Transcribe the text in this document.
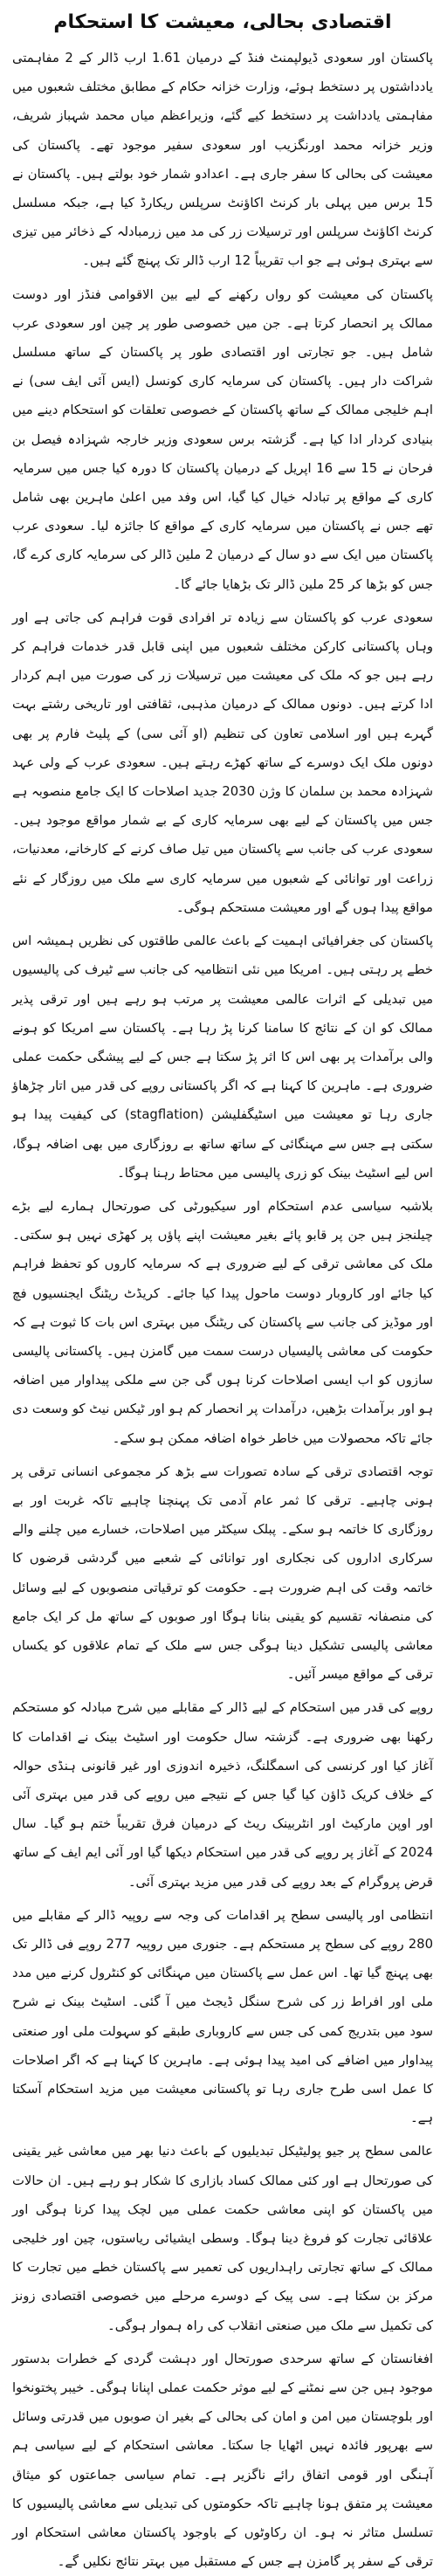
اقتصادی بحالی، معیشت کا استحکام

پاکستان اور سعودی ڈیولپمنٹ فنڈ کے درمیان 1.61 ارب ڈالر کے 2 مفاہمتی یادداشتوں پر دستخط ہوئے، وزارت خزانہ حکام کے مطابق مختلف شعبوں میں مفاہمتی یادداشت پر دستخط کیے گئے، وزیراعظم میاں محمد شہباز شریف، وزیر خزانہ محمد اورنگزیب اور سعودی سفیر موجود تھے۔ پاکستان کی معیشت کی بحالی کا سفر جاری ہے۔ اعدادو شمار خود بولتے ہیں۔ پاکستان نے 15 برس میں پہلی بار کرنٹ اکاؤنٹ سرپلس ریکارڈ کیا ہے، جبکہ مسلسل کرنٹ اکاؤنٹ سرپلس اور ترسیلات زر کی مد میں زرمبادلہ کے ذخائر میں تیزی سے بہتری ہوئی ہے جو اب تقریباً 12 ارب ڈالر تک پہنچ گئے ہیں۔

پاکستان کی معیشت کو رواں رکھنے کے لیے بین الاقوامی فنڈز اور دوست ممالک پر انحصار کرتا ہے۔ جن میں خصوصی طور پر چین اور سعودی عرب شامل ہیں۔ جو تجارتی اور اقتصادی طور پر پاکستان کے ساتھ مسلسل شراکت دار ہیں۔ پاکستان کی سرمایہ کاری کونسل (ایس آئی ایف سی) نے اہم خلیجی ممالک کے ساتھ پاکستان کے خصوصی تعلقات کو استحکام دینے میں بنیادی کردار ادا کیا ہے۔ گزشتہ برس سعودی وزیر خارجہ شہزادہ فیصل بن فرحان نے 15 سے 16 اپریل کے درمیان پاکستان کا دورہ کیا جس میں سرمایہ کاری کے مواقع پر تبادلہ خیال کیا گیا، اس وفد میں اعلیٰ ماہرین بھی شامل تھے جس نے پاکستان میں سرمایہ کاری کے مواقع کا جائزہ لیا۔ سعودی عرب پاکستان میں ایک سے دو سال کے درمیان 2 ملین ڈالر کی سرمایہ کاری کرے گا، جس کو بڑھا کر 25 ملین ڈالر تک بڑھایا جائے گا۔

سعودی عرب کو پاکستان سے زیادہ تر افرادی قوت فراہم کی جاتی ہے اور وہاں پاکستانی کارکن مختلف شعبوں میں اپنی قابل قدر خدمات فراہم کر رہے ہیں جو کہ ملک کی معیشت میں ترسیلات زر کی صورت میں اہم کردار ادا کرتے ہیں۔ دونوں ممالک کے درمیان مذہبی، ثقافتی اور تاریخی رشتے بہت گہرے ہیں اور اسلامی تعاون کی تنظیم (او آئی سی) کے پلیٹ فارم پر بھی دونوں ملک ایک دوسرے کے ساتھ کھڑے رہتے ہیں۔ سعودی عرب کے ولی عہد شہزادہ محمد بن سلمان کا وژن 2030 جدید اصلاحات کا ایک جامع منصوبہ ہے جس میں پاکستان کے لیے بھی سرمایہ کاری کے بے شمار مواقع موجود ہیں۔ سعودی عرب کی جانب سے پاکستان میں تیل صاف کرنے کے کارخانے، معدنیات، زراعت اور توانائی کے شعبوں میں سرمایہ کاری سے ملک میں روزگار کے نئے مواقع پیدا ہوں گے اور معیشت مستحکم ہوگی۔

پاکستان کی جغرافیائی اہمیت کے باعث عالمی طاقتوں کی نظریں ہمیشہ اس خطے پر رہتی ہیں۔ امریکا میں نئی انتظامیہ کی جانب سے ٹیرف کی پالیسیوں میں تبدیلی کے اثرات عالمی معیشت پر مرتب ہو رہے ہیں اور ترقی پذیر ممالک کو ان کے نتائج کا سامنا کرنا پڑ رہا ہے۔ پاکستان سے امریکا کو ہونے والی برآمدات پر بھی اس کا اثر پڑ سکتا ہے جس کے لیے پیشگی حکمت عملی ضروری ہے۔ ماہرین کا کہنا ہے کہ اگر پاکستانی روپے کی قدر میں اتار چڑھاؤ جاری رہا تو معیشت میں اسٹیگفلیشن (stagflation) کی کیفیت پیدا ہو سکتی ہے جس سے مہنگائی کے ساتھ ساتھ بے روزگاری میں بھی اضافہ ہوگا، اس لیے اسٹیٹ بینک کو زری پالیسی میں محتاط رہنا ہوگا۔

بلاشبہ سیاسی عدم استحکام اور سیکیورٹی کی صورتحال ہمارے لیے بڑے چیلنجز ہیں جن پر قابو پائے بغیر معیشت اپنے پاؤں پر کھڑی نہیں ہو سکتی۔ ملک کی معاشی ترقی کے لیے ضروری ہے کہ سرمایہ کاروں کو تحفظ فراہم کیا جائے اور کاروبار دوست ماحول پیدا کیا جائے۔ کریڈٹ ریٹنگ ایجنسیوں فچ اور موڈیز کی جانب سے پاکستان کی ریٹنگ میں بہتری اس بات کا ثبوت ہے کہ حکومت کی معاشی پالیسیاں درست سمت میں گامزن ہیں۔ پاکستانی پالیسی سازوں کو اب ایسی اصلاحات کرنا ہوں گی جن سے ملکی پیداوار میں اضافہ ہو اور برآمدات بڑھیں، درآمدات پر انحصار کم ہو اور ٹیکس نیٹ کو وسعت دی جائے تاکہ محصولات میں خاطر خواہ اضافہ ممکن ہو سکے۔

توجہ اقتصادی ترقی کے سادہ تصورات سے بڑھ کر مجموعی انسانی ترقی پر ہونی چاہیے۔ ترقی کا ثمر عام آدمی تک پہنچنا چاہیے تاکہ غربت اور بے روزگاری کا خاتمہ ہو سکے۔ پبلک سیکٹر میں اصلاحات، خسارے میں چلنے والے سرکاری اداروں کی نجکاری اور توانائی کے شعبے میں گردشی قرضوں کا خاتمہ وقت کی اہم ضرورت ہے۔ حکومت کو ترقیاتی منصوبوں کے لیے وسائل کی منصفانہ تقسیم کو یقینی بنانا ہوگا اور صوبوں کے ساتھ مل کر ایک جامع معاشی پالیسی تشکیل دینا ہوگی جس سے ملک کے تمام علاقوں کو یکساں ترقی کے مواقع میسر آئیں۔

روپے کی قدر میں استحکام کے لیے ڈالر کے مقابلے میں شرح مبادلہ کو مستحکم رکھنا بھی ضروری ہے۔ گزشتہ سال حکومت اور اسٹیٹ بینک نے اقدامات کا آغاز کیا اور کرنسی کی اسمگلنگ، ذخیرہ اندوزی اور غیر قانونی ہنڈی حوالہ کے خلاف کریک ڈاؤن کیا گیا جس کے نتیجے میں روپے کی قدر میں بہتری آئی اور اوپن مارکیٹ اور انٹربینک ریٹ کے درمیان فرق تقریباً ختم ہو گیا۔ سال 2024 کے آغاز پر روپے کی قدر میں استحکام دیکھا گیا اور آئی ایم ایف کے ساتھ قرض پروگرام کے بعد روپے کی قدر میں مزید بہتری آئی۔

انتظامی اور پالیسی سطح پر اقدامات کی وجہ سے روپیہ ڈالر کے مقابلے میں 280 روپے کی سطح پر مستحکم ہے۔ جنوری میں روپیہ 277 روپے فی ڈالر تک بھی پہنچ گیا تھا۔ اس عمل سے پاکستان میں مہنگائی کو کنٹرول کرنے میں مدد ملی اور افراط زر کی شرح سنگل ڈیجٹ میں آ گئی۔ اسٹیٹ بینک نے شرح سود میں بتدریج کمی کی جس سے کاروباری طبقے کو سہولت ملی اور صنعتی پیداوار میں اضافے کی امید پیدا ہوئی ہے۔ ماہرین کا کہنا ہے کہ اگر اصلاحات کا عمل اسی طرح جاری رہا تو پاکستانی معیشت میں مزید استحکام آسکتا ہے۔

عالمی سطح پر جیو پولیٹیکل تبدیلیوں کے باعث دنیا بھر میں معاشی غیر یقینی کی صورتحال ہے اور کئی ممالک کساد بازاری کا شکار ہو رہے ہیں۔ ان حالات میں پاکستان کو اپنی معاشی حکمت عملی میں لچک پیدا کرنا ہوگی اور علاقائی تجارت کو فروغ دینا ہوگا۔ وسطی ایشیائی ریاستوں، چین اور خلیجی ممالک کے ساتھ تجارتی راہداریوں کی تعمیر سے پاکستان خطے میں تجارت کا مرکز بن سکتا ہے۔ سی پیک کے دوسرے مرحلے میں خصوصی اقتصادی زونز کی تکمیل سے ملک میں صنعتی انقلاب کی راہ ہموار ہوگی۔

افغانستان کے ساتھ سرحدی صورتحال اور دہشت گردی کے خطرات بدستور موجود ہیں جن سے نمٹنے کے لیے موثر حکمت عملی اپنانا ہوگی۔ خیبر پختونخوا اور بلوچستان میں امن و امان کی بحالی کے بغیر ان صوبوں میں قدرتی وسائل سے بھرپور فائدہ نہیں اٹھایا جا سکتا۔ معاشی استحکام کے لیے سیاسی ہم آہنگی اور قومی اتفاق رائے ناگزیر ہے۔ تمام سیاسی جماعتوں کو میثاق معیشت پر متفق ہونا چاہیے تاکہ حکومتوں کی تبدیلی سے معاشی پالیسیوں کا تسلسل متاثر نہ ہو۔ ان رکاوٹوں کے باوجود پاکستان معاشی استحکام اور ترقی کے سفر پر گامزن ہے جس کے مستقبل میں بہتر نتائج نکلیں گے۔
